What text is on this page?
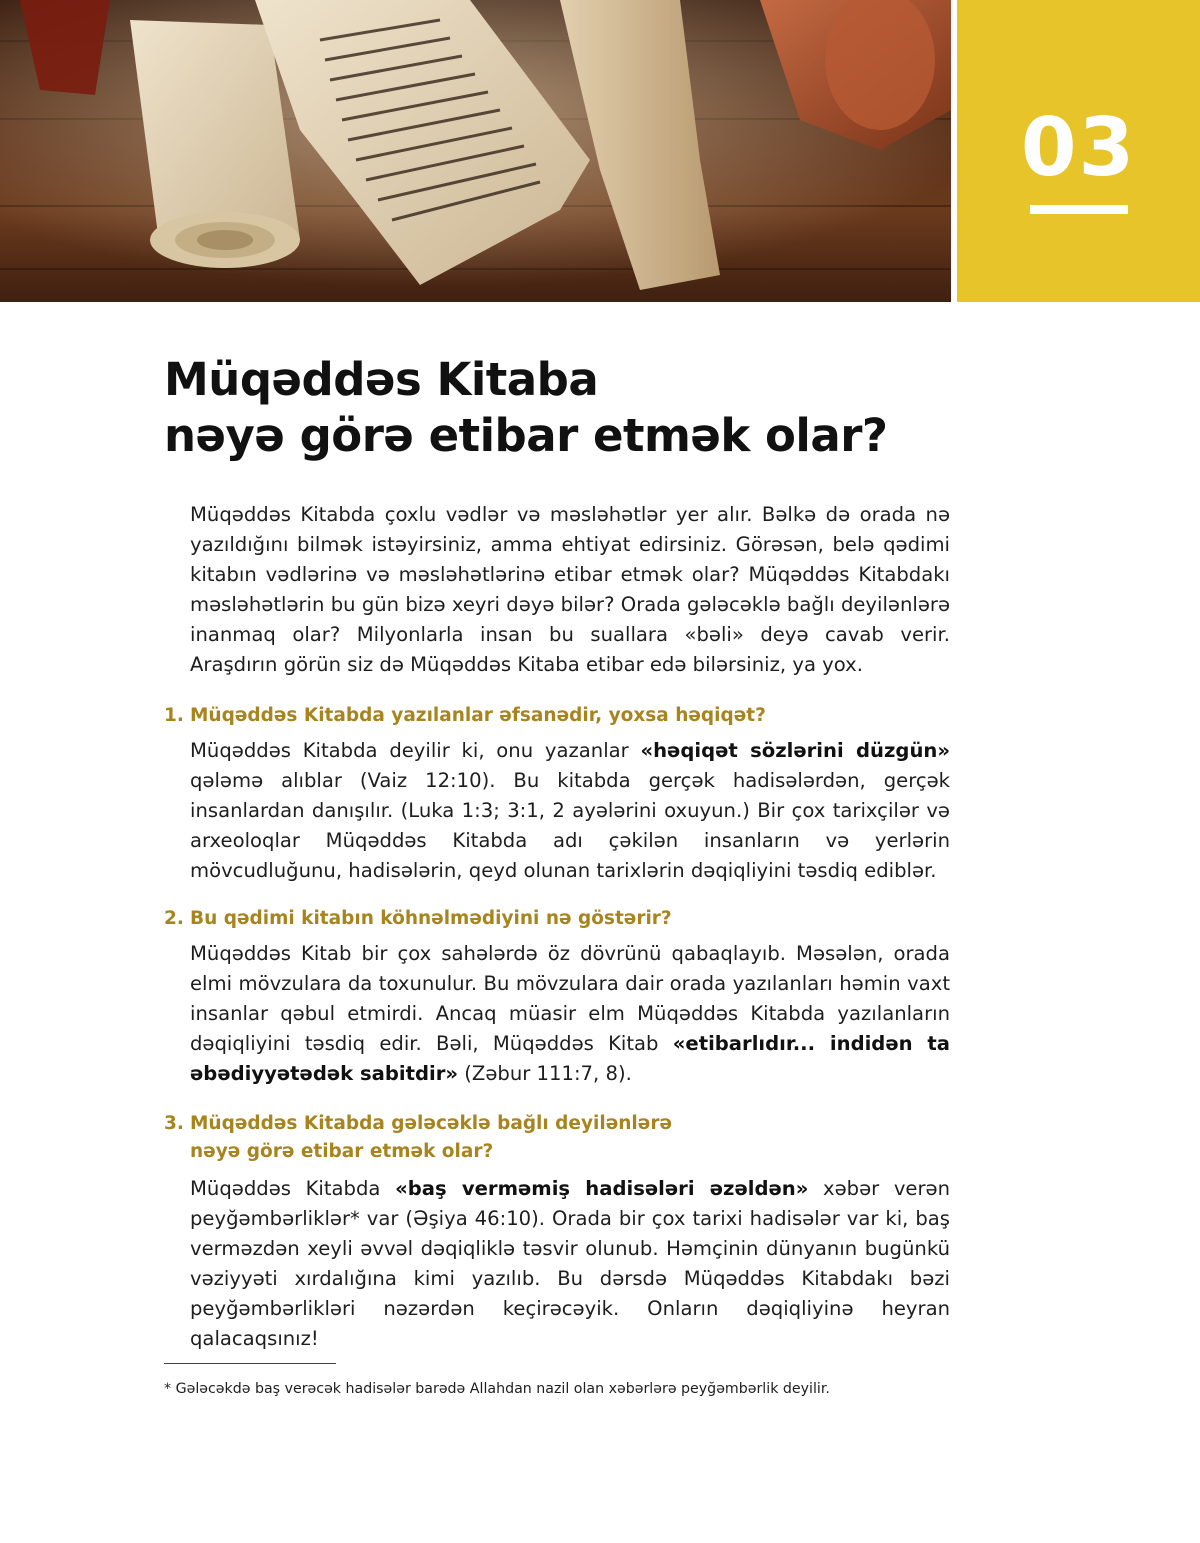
03
Müqəddəs Kitaba
nəyə görə etibar etmək olar?

Müqəddəs Kitabda çoxlu vədlər və məsləhətlər yer alır. Bəlkə də orada nə yazıldığını bilmək istəyirsiniz, amma ehtiyat edirsiniz. Görəsən, belə qədimi kitabın vədlərinə və məsləhətlərinə etibar etmək olar? Müqəddəs Kitabdakı məsləhətlərin bu gün bizə xeyri dəyə bilər? Orada gələcəklə bağlı deyilənlərə inanmaq olar? Milyonlarla insan bu suallara «bəli» deyə cavab verir. Araşdırın görün siz də Müqəddəs Kitaba etibar edə bilərsiniz, ya yox.

1. Müqəddəs Kitabda yazılanlar əfsanədir, yoxsa həqiqət?

Müqəddəs Kitabda deyilir ki, onu yazanlar «həqiqət sözlərini düzgün» qələmə alıblar (Vaiz 12:10). Bu kitabda gerçək hadisələrdən, gerçək insanlardan danışılır. (Luka 1:3; 3:1, 2 ayələrini oxuyun.) Bir çox tarixçilər və arxeoloqlar Müqəddəs Kitabda adı çəkilən insanların və yerlərin mövcudluğunu, hadisələrin, qeyd olunan tarixlərin dəqiqliyini təsdiq ediblər.

2. Bu qədimi kitabın köhnəlmədiyini nə göstərir?

Müqəddəs Kitab bir çox sahələrdə öz dövrünü qabaqlayıb. Məsələn, orada elmi mövzulara da toxunulur. Bu mövzulara dair orada yazılanları həmin vaxt insanlar qəbul etmirdi. Ancaq müasir elm Müqəddəs Kitabda yazılanların dəqiqliyini təsdiq edir. Bəli, Müqəddəs Kitab «etibarlıdır... indidən ta əbədiyyətədək sabitdir» (Zəbur 111:7, 8).

3. Müqəddəs Kitabda gələcəklə bağlı deyilənlərə
nəyə görə etibar etmək olar?

Müqəddəs Kitabda «baş verməmiş hadisələri əzəldən» xəbər verən peyğəmbərliklər* var (Əşiya 46:10). Orada bir çox tarixi hadisələr var ki, baş verməzdən xeyli əvvəl dəqiqliklə təsvir olunub. Həmçinin dünyanın bugünkü vəziyyəti xırdalığına kimi yazılıb. Bu dərsdə Müqəddəs Kitabdakı bəzi peyğəmbərlikləri nəzərdən keçirəcəyik. Onların dəqiqliyinə heyran qalacaqsınız!

* Gələcəkdə baş verəcək hadisələr barədə Allahdan nazil olan xəbərlərə peyğəmbərlik deyilir.
